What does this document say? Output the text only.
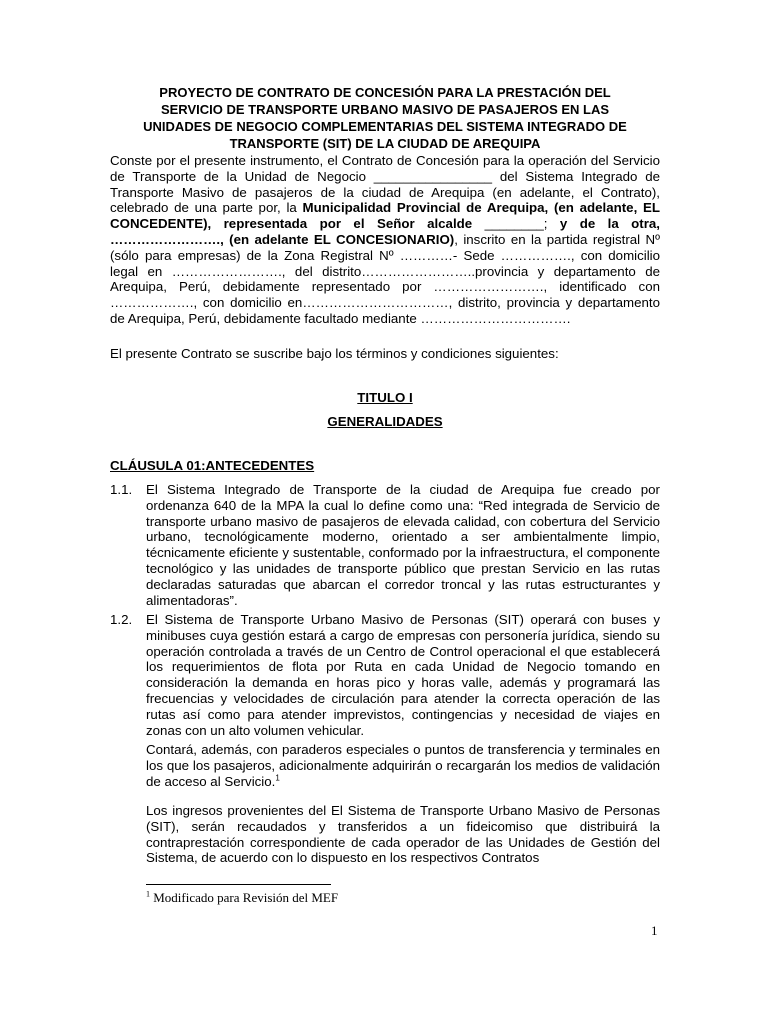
PROYECTO DE CONTRATO DE CONCESIÓN PARA LA PRESTACIÓN DEL
SERVICIO DE TRANSPORTE URBANO MASIVO DE PASAJEROS EN LAS
UNIDADES DE NEGOCIO COMPLEMENTARIAS DEL SISTEMA INTEGRADO DE
TRANSPORTE (SIT) DE LA CIUDAD DE AREQUIPA

Conste por el presente instrumento, el Contrato de Concesión para la operación del Servicio de Transporte de la Unidad de Negocio ________________ del Sistema Integrado de Transporte Masivo de pasajeros de la ciudad de Arequipa (en adelante, el Contrato), celebrado de una parte por, la Municipalidad Provincial de Arequipa, (en adelante, EL CONCEDENTE), representada por el Señor alcalde ________; y de la otra, ……………………., (en adelante EL CONCESIONARIO), inscrito en la partida registral Nº (sólo para empresas) de la Zona Registral Nº …………- Sede ……………., con domicilio legal en ……………………., del distrito……………………..provincia y departamento de Arequipa, Perú, debidamente representado por ……………………., identificado con ………………., con domicilio en……………………………, distrito, provincia y departamento de Arequipa, Perú, debidamente facultado mediante …………………………….

El presente Contrato se suscribe bajo los términos y condiciones siguientes:

TITULO I

GENERALIDADES

CLÁUSULA 01:ANTECEDENTES

1.1. El Sistema Integrado de Transporte de la ciudad de Arequipa fue creado por ordenanza 640 de la MPA la cual lo define como una: “Red integrada de Servicio de transporte urbano masivo de pasajeros de elevada calidad, con cobertura del Servicio urbano, tecnológicamente moderno, orientado a ser ambientalmente limpio, técnicamente eficiente y sustentable, conformado por la infraestructura, el componente tecnológico y las unidades de transporte público que prestan Servicio en las rutas declaradas saturadas que abarcan el corredor troncal y las rutas estructurantes y alimentadoras”.

1.2. El Sistema de Transporte Urbano Masivo de Personas (SIT) operará con buses y minibuses cuya gestión estará a cargo de empresas con personería jurídica, siendo su operación controlada a través de un Centro de Control operacional el que establecerá los requerimientos de flota por Ruta en cada Unidad de Negocio tomando en consideración la demanda en horas pico y horas valle, además y programará las frecuencias y velocidades de circulación para atender la correcta operación de las rutas así como para atender imprevistos, contingencias y necesidad de viajes en zonas con un alto volumen vehicular.

Contará, además, con paraderos especiales o puntos de transferencia y terminales en los que los pasajeros, adicionalmente adquirirán o recargarán los medios de validación de acceso al Servicio.$^1$

Los ingresos provenientes del El Sistema de Transporte Urbano Masivo de Personas (SIT), serán recaudados y transferidos a un fideicomiso que distribuirá la contraprestación correspondiente de cada operador de las Unidades de Gestión del Sistema, de acuerdo con lo dispuesto en los respectivos Contratos

$^1$ Modificado para Revisión del MEF

1
